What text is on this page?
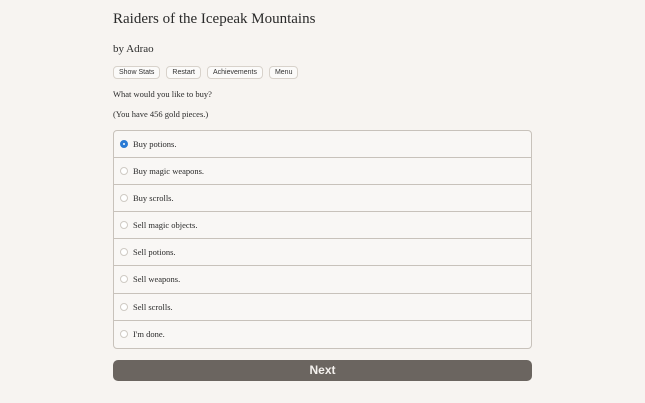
Raiders of the Icepeak Mountains
by Adrao
Show Stats	Restart	Achievements	Menu
What would you like to buy?
(You have 456 gold pieces.)
Buy potions.
Buy magic weapons.
Buy scrolls.
Sell magic objects.
Sell potions.
Sell weapons.
Sell scrolls.
I'm done.
Next
